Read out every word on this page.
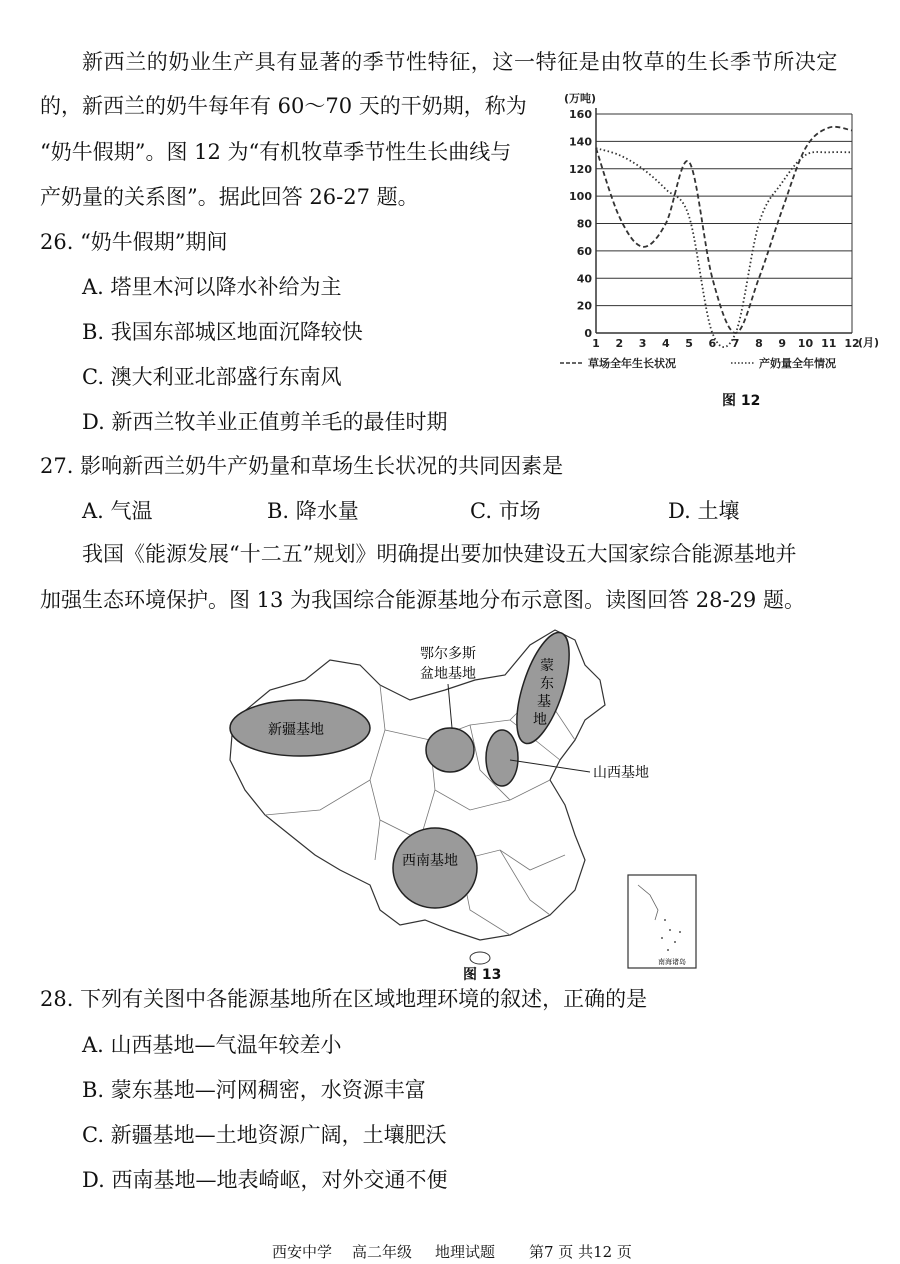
新西兰的奶业生产具有显著的季节性特征，这一特征是由牧草的生长季节所决定
的，新西兰的奶牛每年有 60～70 天的干奶期，称为
“奶牛假期”。图 12 为“有机牧草季节性生长曲线与
产奶量的关系图”。据此回答 26-27 题。
26. “奶牛假期”期间
A. 塔里木河以降水补给为主
B. 我国东部城区地面沉降较快
C. 澳大利亚北部盛行东南风
D. 新西兰牧羊业正值剪羊毛的最佳时期
(万吨)
0
20
40
60
80
100
120
140
160
1 2 3 4 5 6 7 8 9 10 11 12
(月)
草场全年生长状况	产奶量全年情况
图 12
27. 影响新西兰奶牛产奶量和草场生长状况的共同因素是
A. 气温	B. 降水量	C. 市场	D. 土壤
我国《能源发展“十二五”规划》明确提出要加快建设五大国家综合能源基地并
加强生态环境保护。图 13 为我国综合能源基地分布示意图。读图回答 28-29 题。
新疆基地
蒙
东
基
地
鄂尔多斯
盆地基地
山西基地
西南基地
南海诸岛
图 13
28. 下列有关图中各能源基地所在区域地理环境的叙述，正确的是
A. 山西基地—气温年较差小
B. 蒙东基地—河网稠密，水资源丰富
C. 新疆基地—土地资源广阔，土壤肥沃
D. 西南基地—地表崎岖，对外交通不便
西安中学 高二年级 地理试题 第7 页 共12 页
